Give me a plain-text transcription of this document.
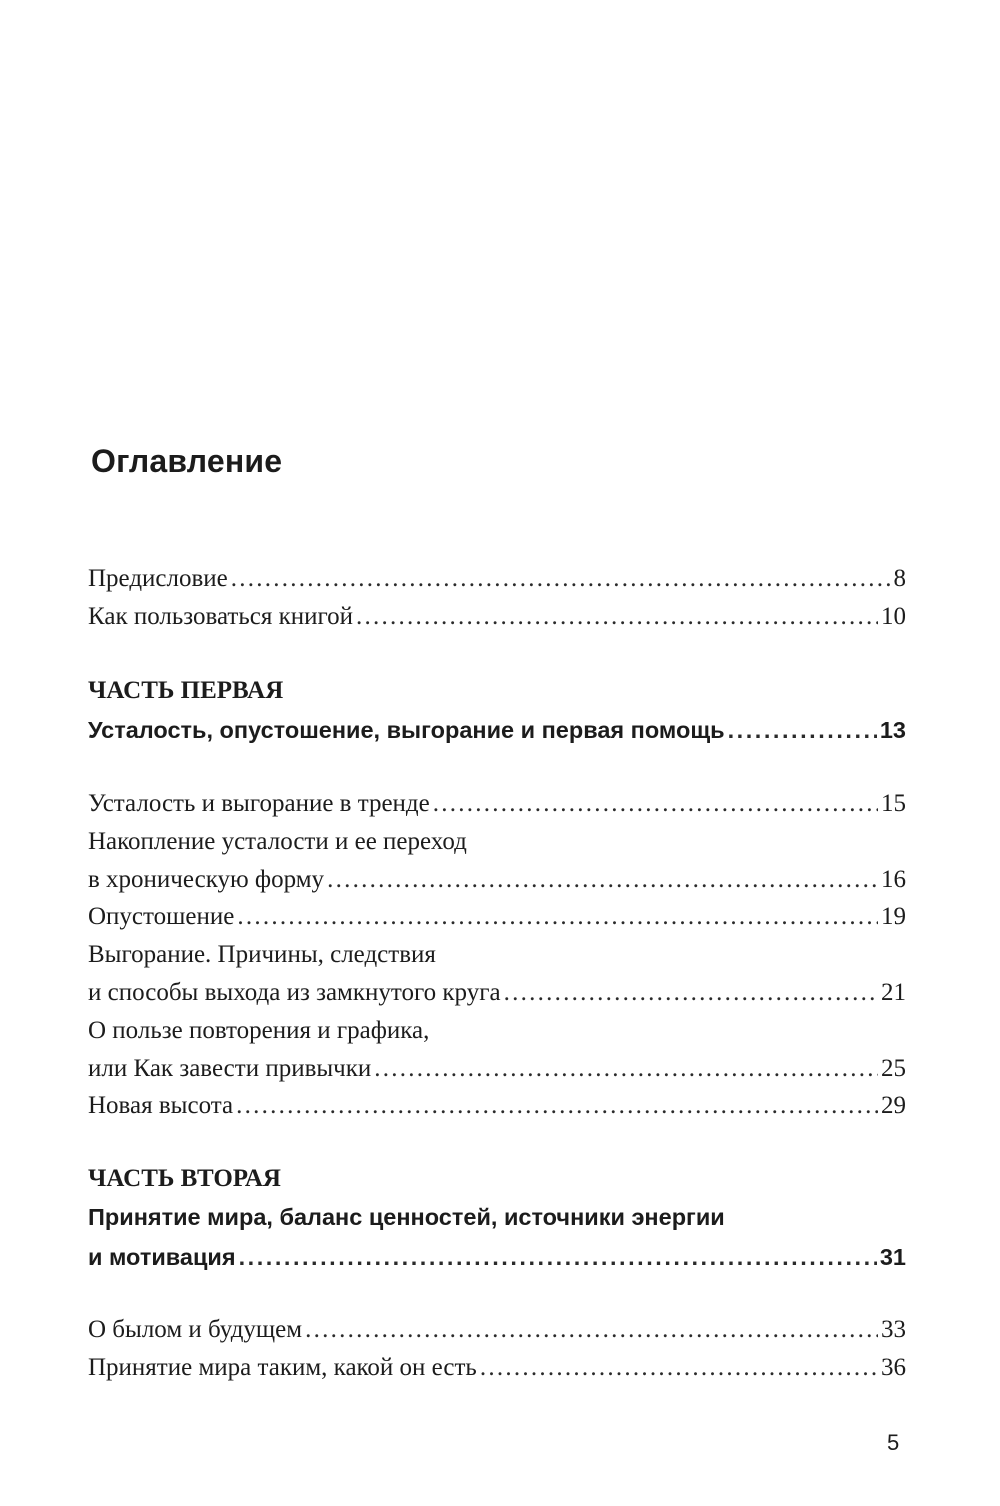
Оглавление
Предисловие . . .	8
Как пользоваться книгой . . .	10
ЧАСТЬ ПЕРВАЯ
Усталость, опустошение, выгорание и первая помощь . . .	13
Усталость и выгорание в тренде . . .	15
Накопление усталости и ее переход
в хроническую форму . . .	16
Опустошение . . .	19
Выгорание. Причины, следствия
и способы выхода из замкнутого круга . . .	21
О пользе повторения и графика,
или Как завести привычки . . .	25
Новая высота . . .	29
ЧАСТЬ ВТОРАЯ
Принятие мира, баланс ценностей, источники энергии
и мотивация . . .	31
О былом и будущем . . .	33
Принятие мира таким, какой он есть . . .	36
5
